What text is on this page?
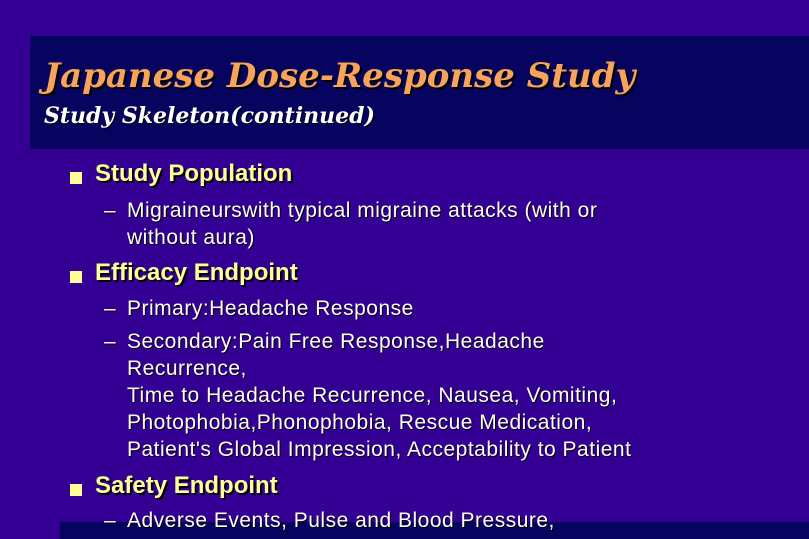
Japanese Dose-Response Study
Study Skeleton(continued)
Study Population
– Migraineurswith typical migraine attacks (with or
without aura)

Efficacy Endpoint
– Primary:Headache Response

– Secondary:Pain Free Response,Headache
Recurrence,
Time to Headache Recurrence, Nausea, Vomiting,
Photophobia,Phonophobia, Rescue Medication,
Patient's Global Impression, Acceptability to Patient

Safety Endpoint
– Adverse Events, Pulse and Blood Pressure,
